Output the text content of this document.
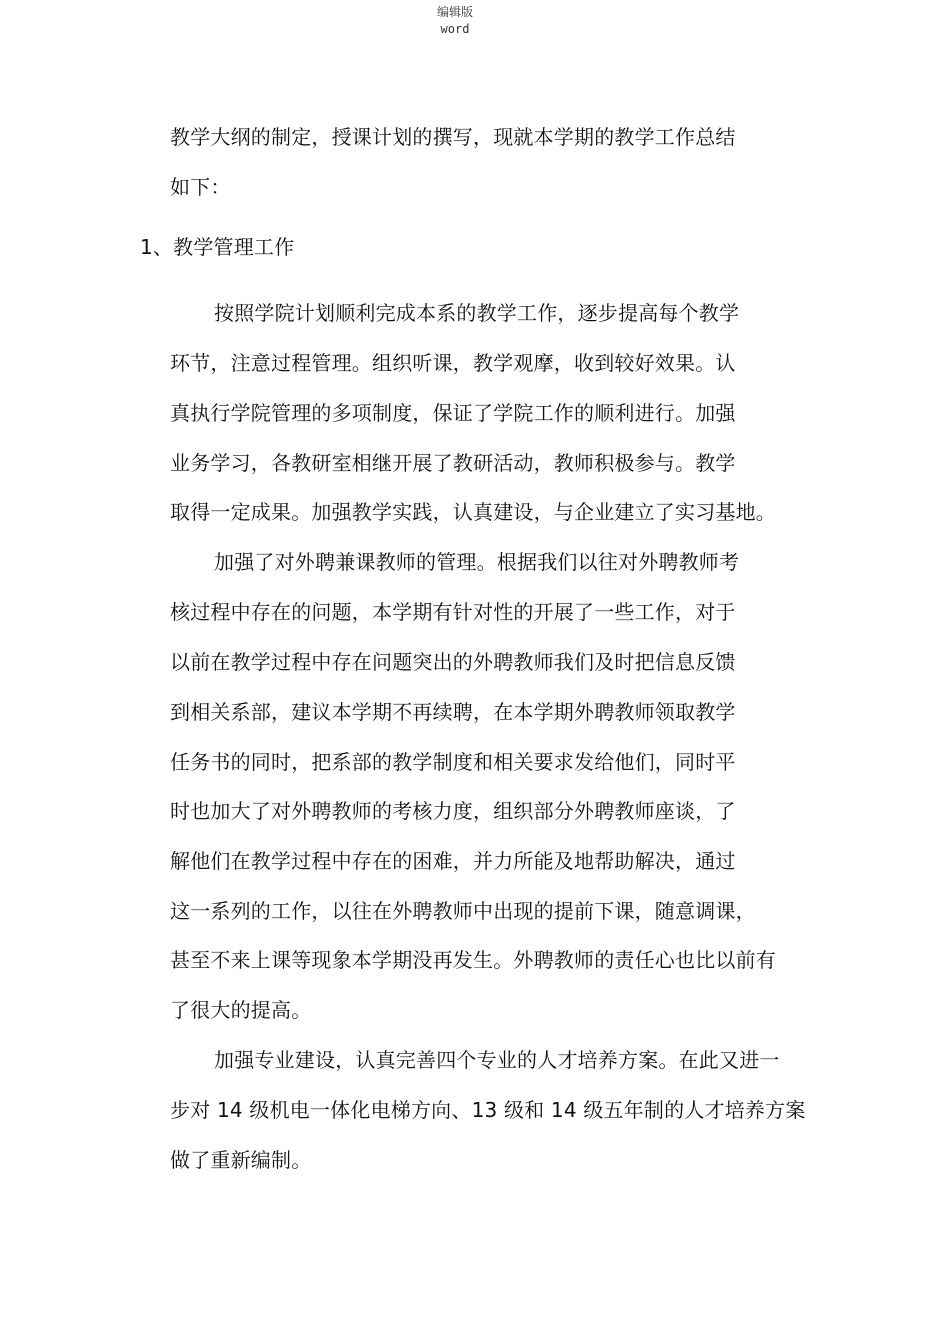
编辑版
word
教学大纲的制定，授课计划的撰写，现就本学期的教学工作总结
如下：
1、教学管理工作
按照学院计划顺利完成本系的教学工作，逐步提高每个教学
环节，注意过程管理。组织听课，教学观摩，收到较好效果。认
真执行学院管理的多项制度，保证了学院工作的顺利进行。加强
业务学习，各教研室相继开展了教研活动，教师积极参与。教学
取得一定成果。加强教学实践，认真建设，与企业建立了实习基地。
加强了对外聘兼课教师的管理。根据我们以往对外聘教师考
核过程中存在的问题，本学期有针对性的开展了一些工作，对于
以前在教学过程中存在问题突出的外聘教师我们及时把信息反馈
到相关系部，建议本学期不再续聘，在本学期外聘教师领取教学
任务书的同时，把系部的教学制度和相关要求发给他们，同时平
时也加大了对外聘教师的考核力度，组织部分外聘教师座谈，了
解他们在教学过程中存在的困难，并力所能及地帮助解决，通过
这一系列的工作，以往在外聘教师中出现的提前下课，随意调课，
甚至不来上课等现象本学期没再发生。外聘教师的责任心也比以前有
了很大的提高。
加强专业建设，认真完善四个专业的人才培养方案。在此又进一
步对 14 级机电一体化电梯方向、13 级和 14 级五年制的人才培养方案
做了重新编制。
